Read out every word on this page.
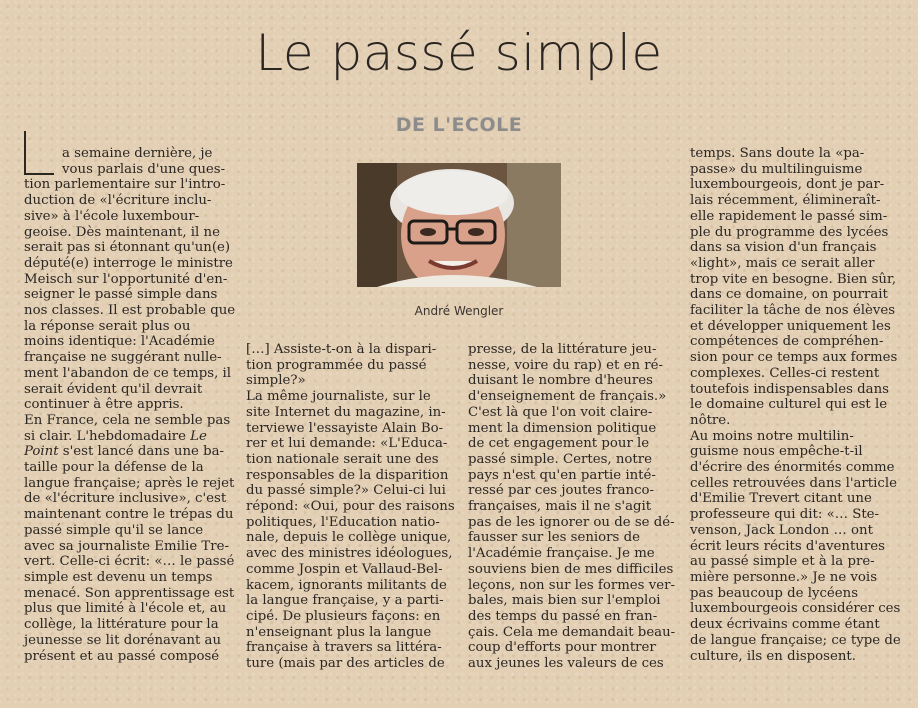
Le passé simple
DE L'ECOLE
André Wengler
a semaine dernière, je
vous parlais d'une ques-
tion parlementaire sur l'intro-
duction de «l'écriture inclu-
sive» à l'école luxembour-
geoise. Dès maintenant, il ne
serait pas si étonnant qu'un(e)
député(e) interroge le ministre
Meisch sur l'opportunité d'en-
seigner le passé simple dans
nos classes. Il est probable que
la réponse serait plus ou
moins identique: l'Académie
française ne suggérant nulle-
ment l'abandon de ce temps, il
serait évident qu'il devrait
continuer à être appris.
En France, cela ne semble pas
si clair. L'hebdomadaire Le
Point s'est lancé dans une ba-
taille pour la défense de la
langue française; après le rejet
de «l'écriture inclusive», c'est
maintenant contre le trépas du
passé simple qu'il se lance
avec sa journaliste Emilie Tre-
vert. Celle-ci écrit: «… le passé
simple est devenu un temps
menacé. Son apprentissage est
plus que limité à l'école et, au
collège, la littérature pour la
jeunesse se lit dorénavant au
présent et au passé composé
[…] Assiste-t-on à la dispari-
tion programmée du passé
simple?»
La même journaliste, sur le
site Internet du magazine, in-
terviewe l'essayiste Alain Bo-
rer et lui demande: «L'Educa-
tion nationale serait une des
responsables de la disparition
du passé simple?» Celui-ci lui
répond: «Oui, pour des raisons
politiques, l'Education natio-
nale, depuis le collège unique,
avec des ministres idéologues,
comme Jospin et Vallaud-Bel-
kacem, ignorants militants de
la langue française, y a parti-
cipé. De plusieurs façons: en
n'enseignant plus la langue
française à travers sa littéra-
ture (mais par des articles de
presse, de la littérature jeu-
nesse, voire du rap) et en ré-
duisant le nombre d'heures
d'enseignement de français.»
C'est là que l'on voit claire-
ment la dimension politique
de cet engagement pour le
passé simple. Certes, notre
pays n'est qu'en partie inté-
ressé par ces joutes franco-
françaises, mais il ne s'agit
pas de les ignorer ou de se dé-
fausser sur les seniors de
l'Académie française. Je me
souviens bien de mes difficiles
leçons, non sur les formes ver-
bales, mais bien sur l'emploi
des temps du passé en fran-
çais. Cela me demandait beau-
coup d'efforts pour montrer
aux jeunes les valeurs de ces
temps. Sans doute la «pa-
passe» du multilinguisme
luxembourgeois, dont je par-
lais récemment, élimineraît-
elle rapidement le passé sim-
ple du programme des lycées
dans sa vision d'un français
«light», mais ce serait aller
trop vite en besogne. Bien sûr,
dans ce domaine, on pourrait
faciliter la tâche de nos élèves
et développer uniquement les
compétences de compréhen-
sion pour ce temps aux formes
complexes. Celles-ci restent
toutefois indispensables dans
le domaine culturel qui est le
nôtre.
Au moins notre multilin-
guisme nous empêche-t-il
d'écrire des énormités comme
celles retrouvées dans l'article
d'Emilie Trevert citant une
professeure qui dit: «… Ste-
venson, Jack London … ont
écrit leurs récits d'aventures
au passé simple et à la pre-
mière personne.» Je ne vois
pas beaucoup de lycéens
luxembourgeois considérer ces
deux écrivains comme étant
de langue française; ce type de
culture, ils en disposent.
